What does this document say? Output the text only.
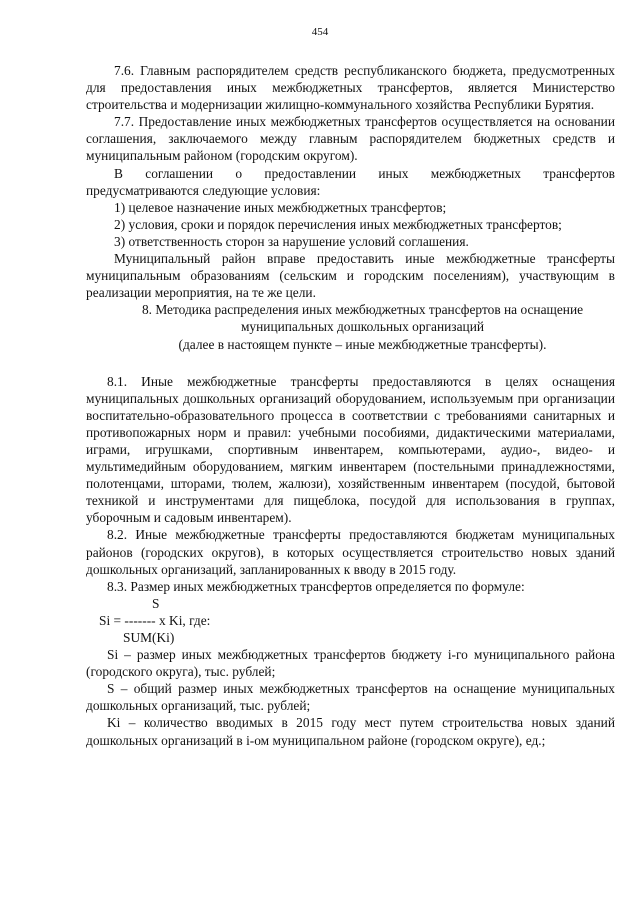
454

7.6. Главным распорядителем средств республиканского бюджета, предусмотренных для предоставления иных межбюджетных трансфертов, является Министерство строительства и модернизации жилищно-коммунального хозяйства Республики Бурятия.

7.7. Предоставление иных межбюджетных трансфертов осуществляется на основании соглашения, заключаемого между главным распорядителем бюджетных средств и муниципальным районом (городским округом).

В соглашении о предоставлении иных межбюджетных трансфертов предусматриваются следующие условия:

1) целевое назначение иных межбюджетных трансфертов;

2) условия, сроки и порядок перечисления иных межбюджетных трансфертов;

3) ответственность сторон за нарушение условий соглашения.

Муниципальный район вправе предоставить иные межбюджетные трансферты муниципальным образованиям (сельским и городским поселениям), участвующим в реализации мероприятия, на те же цели.

8. Методика распределения иных межбюджетных трансфертов на оснащение

муниципальных дошкольных организаций

(далее в настоящем пункте – иные межбюджетные трансферты).

8.1. Иные межбюджетные трансферты предоставляются в целях оснащения муниципальных дошкольных организаций оборудованием, используемым при организации воспитательно-образовательного процесса в соответствии с требованиями санитарных и противопожарных норм и правил: учебными пособиями, дидактическими материалами, играми, игрушками, спортивным инвентарем, компьютерами, аудио-, видео- и мультимедийным оборудованием, мягким инвентарем (постельными принадлежностями, полотенцами, шторами, тюлем, жалюзи), хозяйственным инвентарем (посудой, бытовой техникой и инструментами для пищеблока, посудой для использования в группах, уборочным и садовым инвентарем).

8.2. Иные межбюджетные трансферты предоставляются бюджетам муниципальных районов (городских округов), в которых осуществляется строительство новых зданий дошкольных организаций, запланированных к вводу в 2015 году.

8.3. Размер иных межбюджетных трансфертов определяется по формуле:

S

Si = ------- x Ki, где:

SUM(Ki)

Si – размер иных межбюджетных трансфертов бюджету i-го муниципального района (городского округа), тыс. рублей;

S – общий размер иных межбюджетных трансфертов на оснащение муниципальных дошкольных организаций, тыс. рублей;

Ki – количество вводимых в 2015 году мест путем строительства новых зданий дошкольных организаций в i-ом муниципальном районе (городском округе), ед.;
